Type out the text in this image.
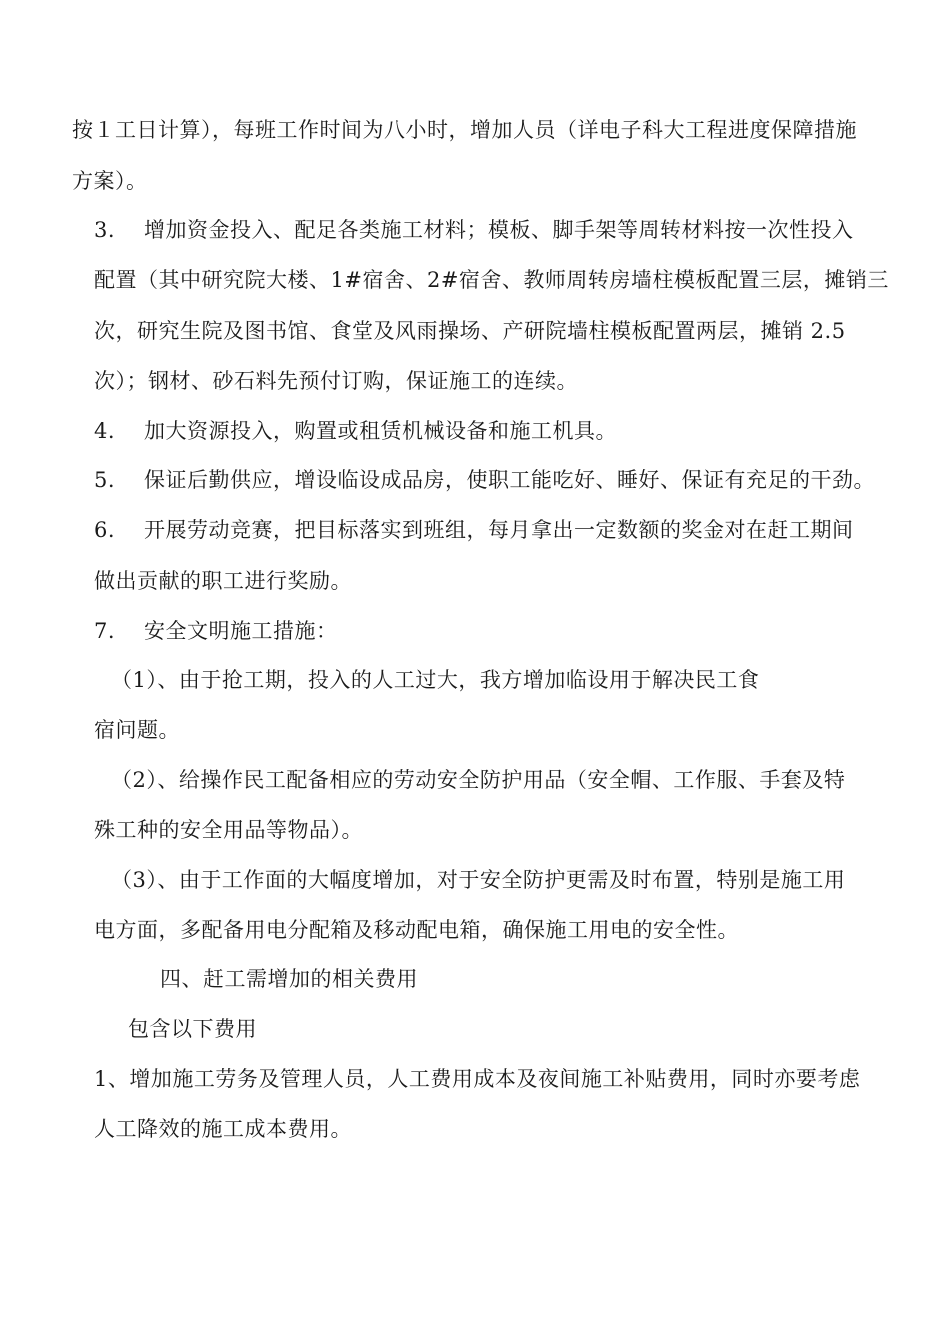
按１工日计算），每班工作时间为八小时，增加人员（详电子科大工程进度保障措施
方案）。
3. 增加资金投入、配足各类施工材料；模板、脚手架等周转材料按一次性投入
配置（其中研究院大楼、1#宿舍、2#宿舍、教师周转房墙柱模板配置三层，摊销三
次，研究生院及图书馆、食堂及风雨操场、产研院墙柱模板配置两层，摊销 2.5
次）；钢材、砂石料先预付订购，保证施工的连续。
4. 加大资源投入，购置或租赁机械设备和施工机具。
5. 保证后勤供应，增设临设成品房，使职工能吃好、睡好、保证有充足的干劲。
6. 开展劳动竞赛，把目标落实到班组，每月拿出一定数额的奖金对在赶工期间
做出贡献的职工进行奖励。
7. 安全文明施工措施：
（1）、由于抢工期，投入的人工过大，我方增加临设用于解决民工食
宿问题。
（2）、给操作民工配备相应的劳动安全防护用品（安全帽、工作服、手套及特
殊工种的安全用品等物品）。
（3）、由于工作面的大幅度增加，对于安全防护更需及时布置，特别是施工用
电方面，多配备用电分配箱及移动配电箱，确保施工用电的安全性。
四、赶工需增加的相关费用
包含以下费用
1、增加施工劳务及管理人员，人工费用成本及夜间施工补贴费用，同时亦要考虑
人工降效的施工成本费用。
